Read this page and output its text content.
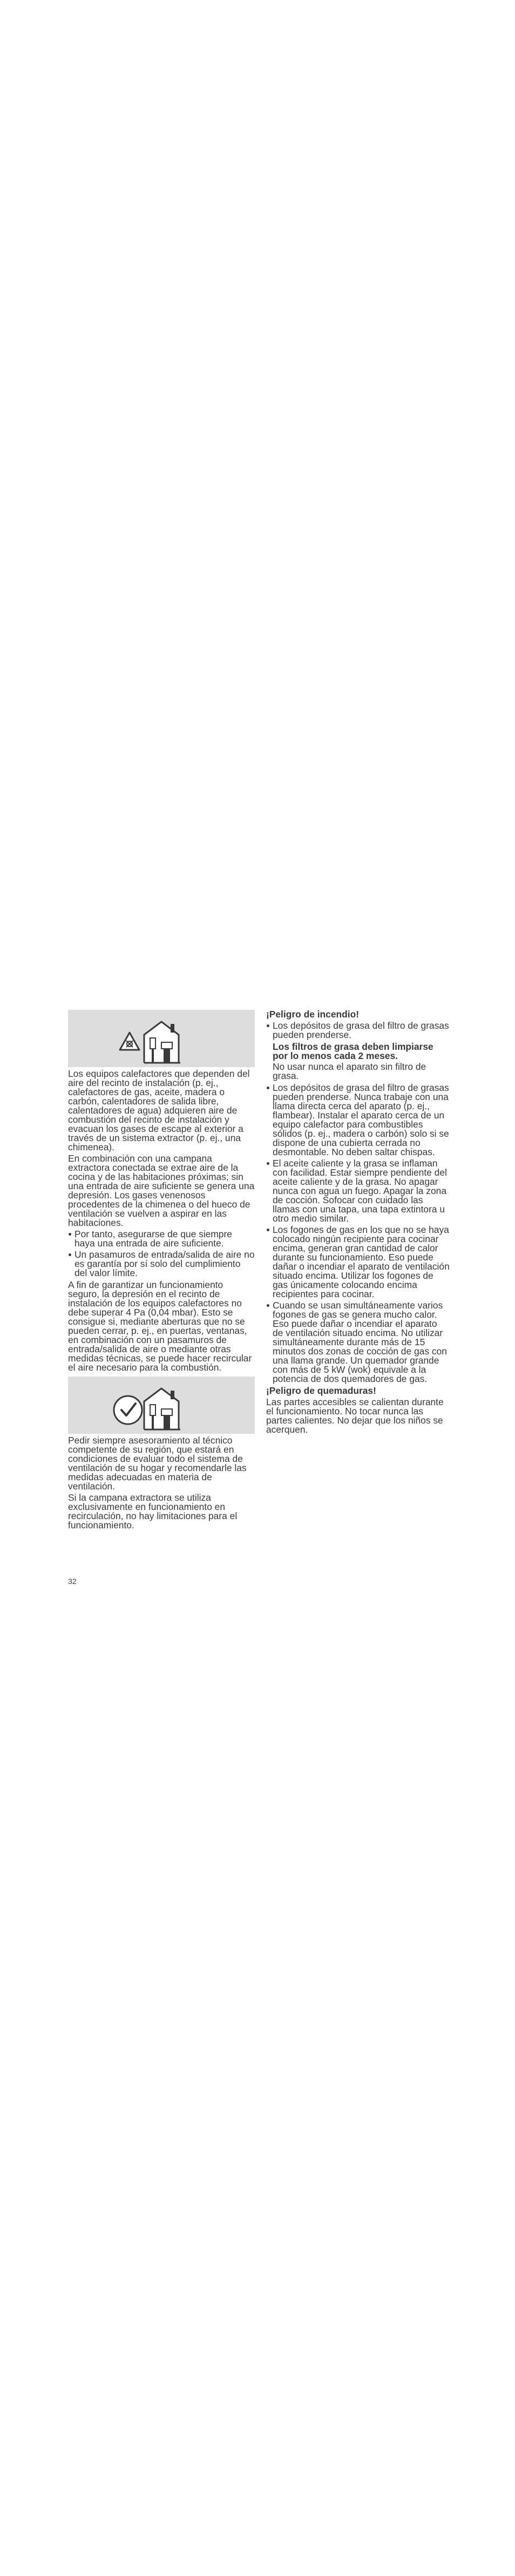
Los equipos calefactores que dependen del aire del recinto de instalación (p. ej., calefactores de gas, aceite, madera o carbón, calentadores de salida libre, calentadores de agua) adquieren aire de combustión del recinto de instalación y evacuan los gases de escape al exterior a través de un sistema extractor (p. ej., una chimenea).

En combinación con una campana extractora conectada se extrae aire de la cocina y de las habitaciones próximas; sin una entrada de aire suficiente se genera una depresión. Los gases venenosos procedentes de la chimenea o del hueco de ventilación se vuelven a aspirar en las habitaciones.

Por tanto, asegurarse de que siempre haya una entrada de aire suficiente.
Un pasamuros de entrada/salida de aire no es garantía por sí solo del cumplimiento del valor límite.

A fin de garantizar un funcionamiento seguro, la depresión en el recinto de instalación de los equipos calefactores no debe superar 4 Pa (0,04 mbar). Esto se consigue si, mediante aberturas que no se pueden cerrar, p. ej., en puertas, ventanas, en combinación con un pasamuros de entrada/salida de aire o mediante otras medidas técnicas, se puede hacer recircular el aire necesario para la combustión.

Pedir siempre asesoramiento al técnico competente de su región, que estará en condiciones de evaluar todo el sistema de ventilación de su hogar y recomendarle las medidas adecuadas en materia de ventilación.

Si la campana extractora se utiliza exclusivamente en funcionamiento en recirculación, no hay limitaciones para el funcionamiento.

¡Peligro de incendio!

Los depósitos de grasa del filtro de grasas pueden prenderse.

Los filtros de grasa deben limpiarse por lo menos cada 2 meses.

No usar nunca el aparato sin filtro de grasa.

Los depósitos de grasa del filtro de grasas pueden prenderse. Nunca trabaje con una llama directa cerca del aparato (p. ej., flambear). Instalar el aparato cerca de un equipo calefactor para combustibles sólidos (p. ej., madera o carbón) solo si se dispone de una cubierta cerrada no desmontable. No deben saltar chispas.
El aceite caliente y la grasa se inflaman con facilidad. Estar siempre pendiente del aceite caliente y de la grasa. No apagar nunca con agua un fuego. Apagar la zona de cocción. Sofocar con cuidado las llamas con una tapa, una tapa extintora u otro medio similar.
Los fogones de gas en los que no se haya colocado ningún recipiente para cocinar encima, generan gran cantidad de calor durante su funcionamiento. Eso puede dañar o incendiar el aparato de ventilación situado encima. Utilizar los fogones de gas únicamente colocando encima recipientes para cocinar.
Cuando se usan simultáneamente varios fogones de gas se genera mucho calor. Eso puede dañar o incendiar el aparato de ventilación situado encima. No utilizar simultáneamente durante más de 15 minutos dos zonas de cocción de gas con una llama grande. Un quemador grande con más de 5 kW (wok) equivale a la potencia de dos quemadores de gas.

¡Peligro de quemaduras!

Las partes accesibles se calientan durante el funcionamiento. No tocar nunca las partes calientes. No dejar que los niños se acerquen.

32
